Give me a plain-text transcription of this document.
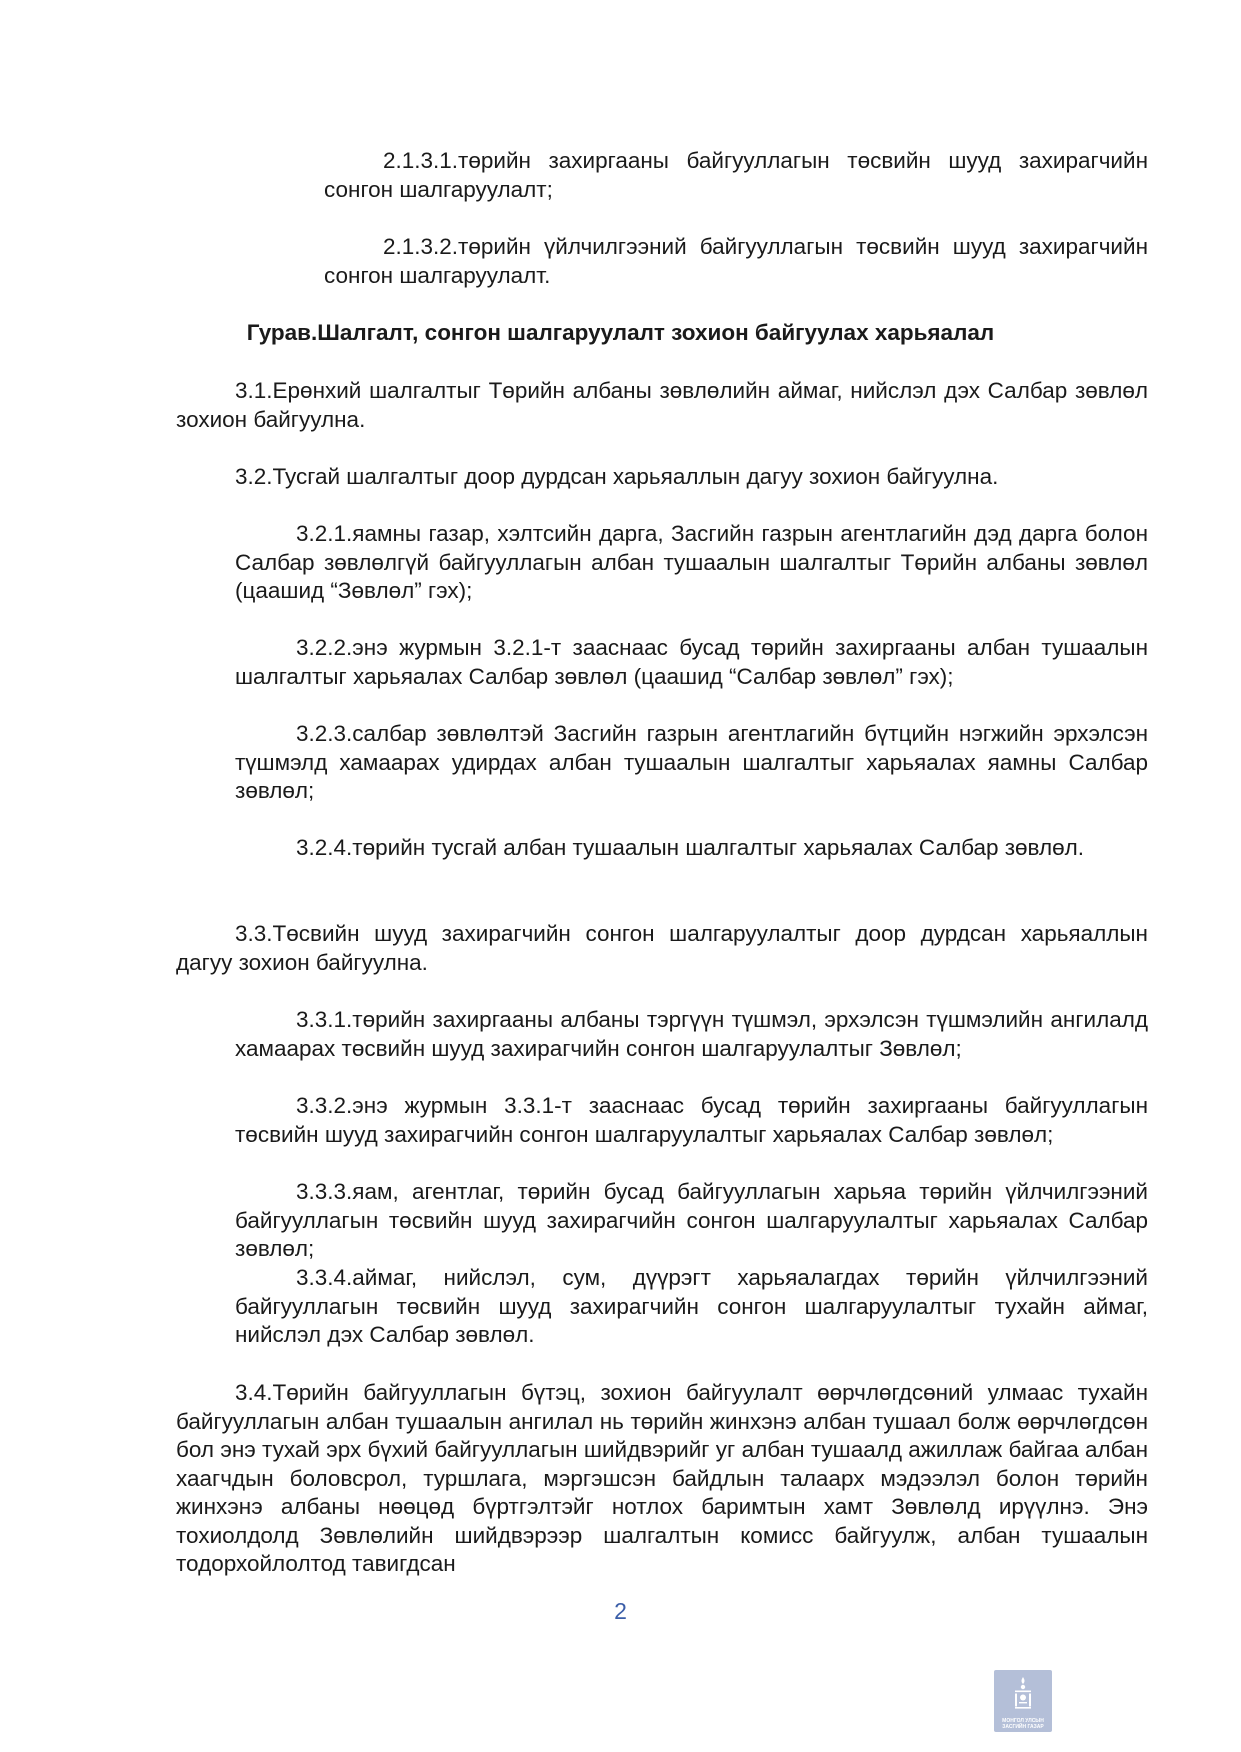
2.1.3.1.төрийн захиргааны байгууллагын төсвийн шууд захирагчийн сонгон шалгаруулалт;

2.1.3.2.төрийн үйлчилгээний байгууллагын төсвийн шууд захирагчийн сонгон шалгаруулалт.

Гурав.Шалгалт, сонгон шалгаруулалт зохион байгуулах харьяалал

3.1.Ерөнхий шалгалтыг Төрийн албаны зөвлөлийн аймаг, нийслэл дэх Салбар зөвлөл зохион байгуулна.

3.2.Тусгай шалгалтыг доор дурдсан харьяаллын дагуу зохион байгуулна.

3.2.1.яамны газар, хэлтсийн дарга, Засгийн газрын агентлагийн дэд дарга болон Салбар зөвлөлгүй байгууллагын албан тушаалын шалгалтыг Төрийн албаны зөвлөл (цаашид “Зөвлөл” гэх);

3.2.2.энэ журмын 3.2.1-т зааснаас бусад төрийн захиргааны албан тушаалын шалгалтыг харьяалах Салбар зөвлөл (цаашид “Салбар зөвлөл” гэх);

3.2.3.салбар зөвлөлтэй Засгийн газрын агентлагийн бүтцийн нэгжийн эрхэлсэн түшмэлд хамаарах удирдах албан тушаалын шалгалтыг харьяалах яамны Салбар зөвлөл;

3.2.4.төрийн тусгай албан тушаалын шалгалтыг харьяалах Салбар зөвлөл.

3.3.Төсвийн шууд захирагчийн сонгон шалгаруулалтыг доор дурдсан харьяаллын дагуу зохион байгуулна.

3.3.1.төрийн захиргааны албаны тэргүүн түшмэл, эрхэлсэн түшмэлийн ангилалд хамаарах төсвийн шууд захирагчийн сонгон шалгаруулалтыг Зөвлөл;

3.3.2.энэ журмын 3.3.1-т зааснаас бусад төрийн захиргааны байгууллагын төсвийн шууд захирагчийн сонгон шалгаруулалтыг харьяалах Салбар зөвлөл;

3.3.3.яам, агентлаг, төрийн бусад байгууллагын харьяа төрийн үйлчилгээний байгууллагын төсвийн шууд захирагчийн сонгон шалгаруулалтыг харьяалах Салбар зөвлөл;

3.3.4.аймаг, нийслэл, сум, дүүрэгт харьяалагдах төрийн үйлчилгээний байгууллагын төсвийн шууд захирагчийн сонгон шалгаруулалтыг тухайн аймаг, нийслэл дэх Салбар зөвлөл.

3.4.Төрийн байгууллагын бүтэц, зохион байгуулалт өөрчлөгдсөний улмаас тухайн байгууллагын албан тушаалын ангилал нь төрийн жинхэнэ албан тушаал болж өөрчлөгдсөн бол энэ тухай эрх бүхий байгууллагын шийдвэрийг уг албан тушаалд ажиллаж байгаа албан хаагчдын боловсрол, туршлага, мэргэшсэн байдлын талаарх мэдээлэл болон төрийн жинхэнэ албаны нөөцөд бүртгэлтэйг нотлох баримтын хамт Зөвлөлд ирүүлнэ. Энэ тохиолдолд Зөвлөлийн шийдвэрээр шалгалтын комисс байгуулж, албан тушаалын тодорхойлолтод тавигдсан

2
МОНГОЛ УЛСЫН
ЗАСГИЙН ГАЗАР
